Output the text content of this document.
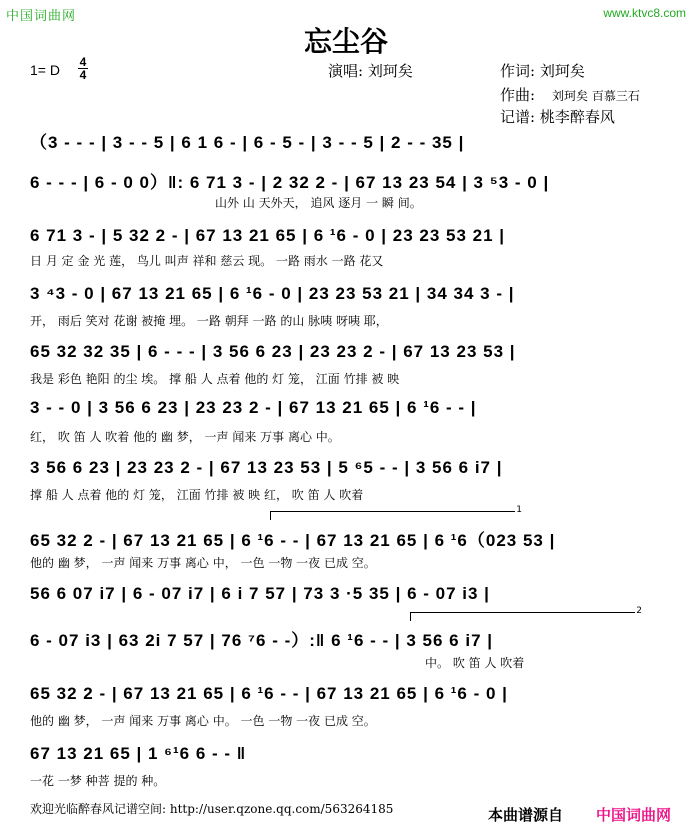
中国词曲网	www.ktvc8.com
忘尘谷
1= D 4
4	演唱: 刘珂矣	作词: 刘珂矣
作曲: 刘珂矣 百慕三石
记谱: 桃李醉春风
（3 - - - | 3 - - 5 | 6 1 6 - | 6 - 5 - | 3 - - 5 | 2 - - 35 |
6 - - - | 6 - 0 0）‖: 6 71 3 - | 2 32 2 - | 67 13 23 54 | 3 ⁵3 - 0 |
山外 山 天外天， 追风 逐月 一 瞬 间。
6 71 3 - | 5 32 2 - | 67 13 21 65 | 6 ¹6 - 0 | 23 23 53 21 |
日 月 定 金 光 莲， 鸟儿 叫声 祥和 慈云 现。 一路 雨水 一路 花又
3 ⁴3 - 0 | 67 13 21 65 | 6 ¹6 - 0 | 23 23 53 21 | 34 34 3 - |
开， 雨后 笑对 花谢 被掩 埋。 一路 朝拜 一路 的山 脉咦 呀咦 耶，
65 32 32 35 | 6 - - - | 3 56 6 23 | 23 23 2 - | 67 13 23 53 |
我是 彩色 艳阳 的尘 埃。 撑 船 人 点着 他的 灯 笼， 江面 竹排 被 映
3 - - 0 | 3 56 6 23 | 23 23 2 - | 67 13 21 65 | 6 ¹6 - - |
红， 吹 笛 人 吹着 他的 幽 梦， 一声 闻来 万事 离心 中。
3 56 6 23 | 23 23 2 - | 67 13 23 53 | 5 ⁶5 - - | 3 56 6 i7 |
撑 船 人 点着 他的 灯 笼， 江面 竹排 被 映 红， 吹 笛 人 吹着
1
65 32 2 - | 67 13 21 65 | 6 ¹6 - - | 67 13 21 65 | 6 ¹6（023 53 |
他的 幽 梦， 一声 闻来 万事 离心 中， 一色 一物 一夜 已成 空。
56 6 07 i7 | 6 - 07 i7 | 6 i 7 57 | 73 3 ·5 35 | 6 - 07 i3 |
2
6 - 07 i3 | 63 2i 7 57 | 76 ⁷6 - -）:‖ 6 ¹6 - - | 3 56 6 i7 |
中。 吹 笛 人 吹着
65 32 2 - | 67 13 21 65 | 6 ¹6 - - | 67 13 21 65 | 6 ¹6 - 0 |
他的 幽 梦， 一声 闻来 万事 离心 中。 一色 一物 一夜 已成 空。
67 13 21 65 | 1 ⁶¹6 6 - - ‖
一花 一梦 种菩 提的 种。
欢迎光临醉春风记谱空间: http://user.qzone.qq.com/563264185	本曲谱源自 中国词曲网
